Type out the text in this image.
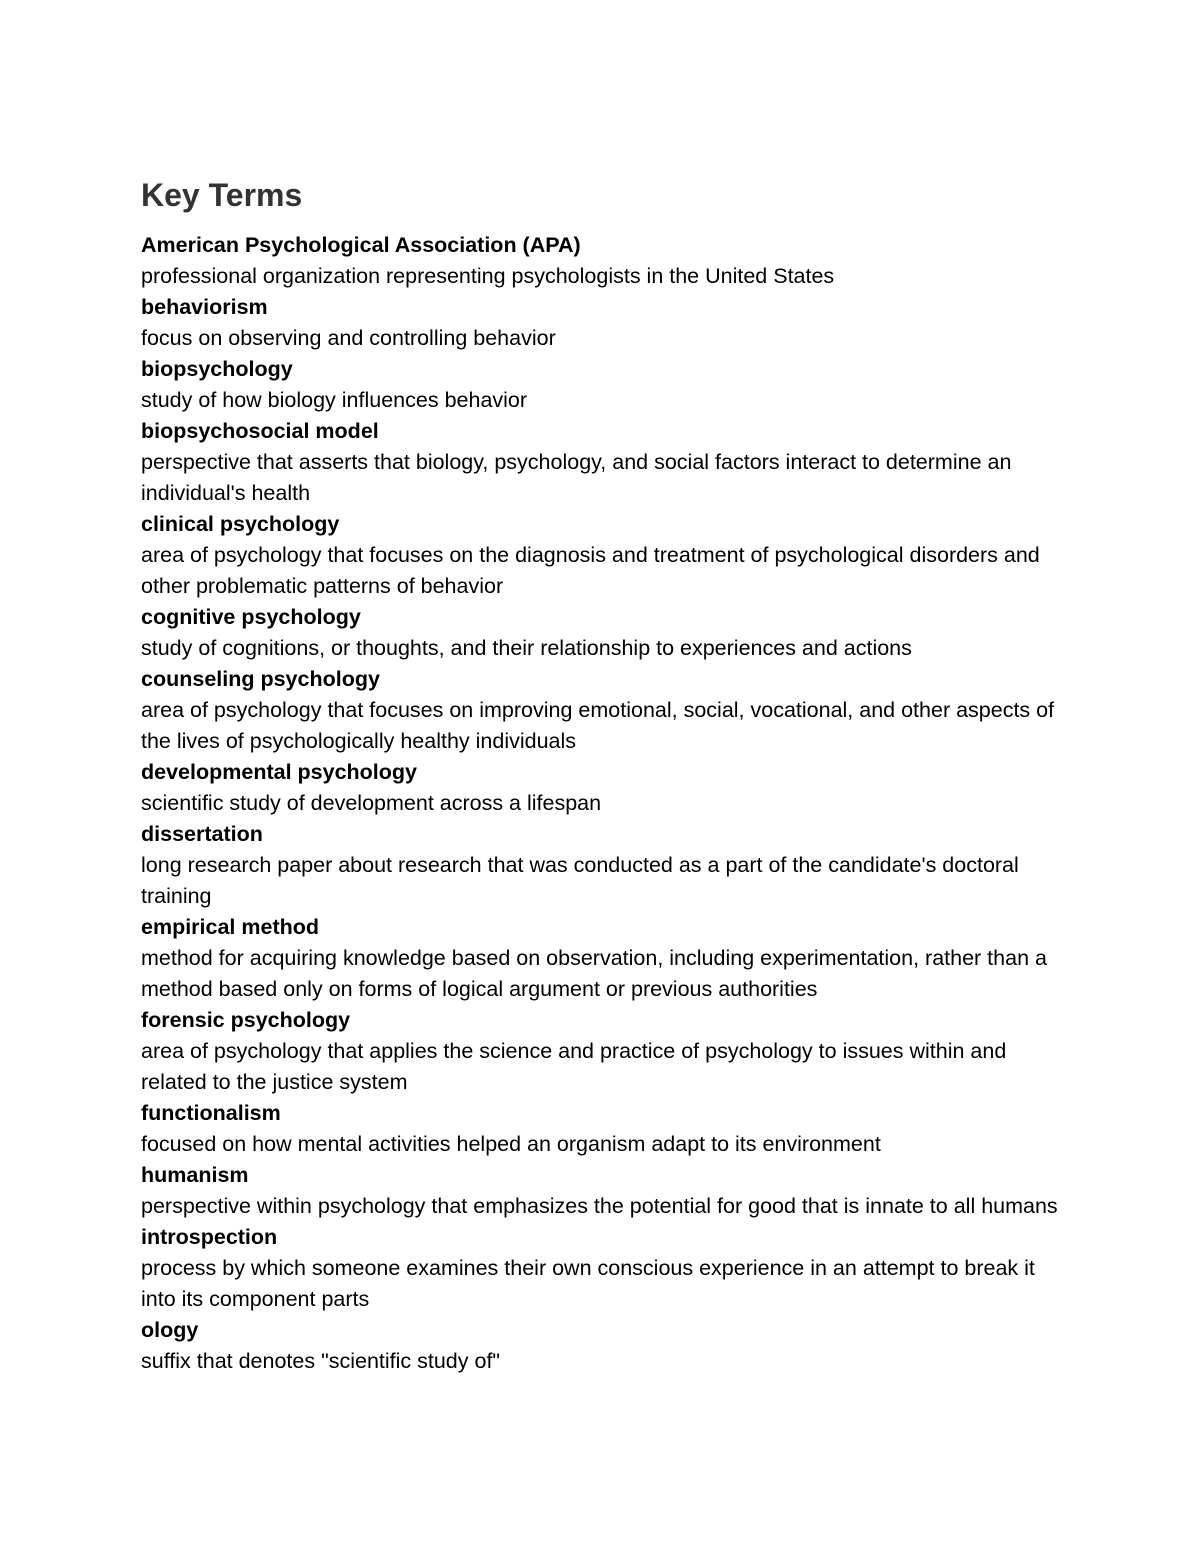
Key Terms

American Psychological Association (APA)

professional organization representing psychologists in the United States

behaviorism

focus on observing and controlling behavior

biopsychology

study of how biology influences behavior

biopsychosocial model

perspective that asserts that biology, psychology, and social factors interact to determine an individual's health

clinical psychology

area of psychology that focuses on the diagnosis and treatment of psychological disorders and other problematic patterns of behavior

cognitive psychology

study of cognitions, or thoughts, and their relationship to experiences and actions

counseling psychology

area of psychology that focuses on improving emotional, social, vocational, and other aspects of the lives of psychologically healthy individuals

developmental psychology

scientific study of development across a lifespan

dissertation

long research paper about research that was conducted as a part of the candidate's doctoral training

empirical method

method for acquiring knowledge based on observation, including experimentation, rather than a method based only on forms of logical argument or previous authorities

forensic psychology

area of psychology that applies the science and practice of psychology to issues within and related to the justice system

functionalism

focused on how mental activities helped an organism adapt to its environment

humanism

perspective within psychology that emphasizes the potential for good that is innate to all humans

introspection

process by which someone examines their own conscious experience in an attempt to break it into its component parts

ology

suffix that denotes "scientific study of"
